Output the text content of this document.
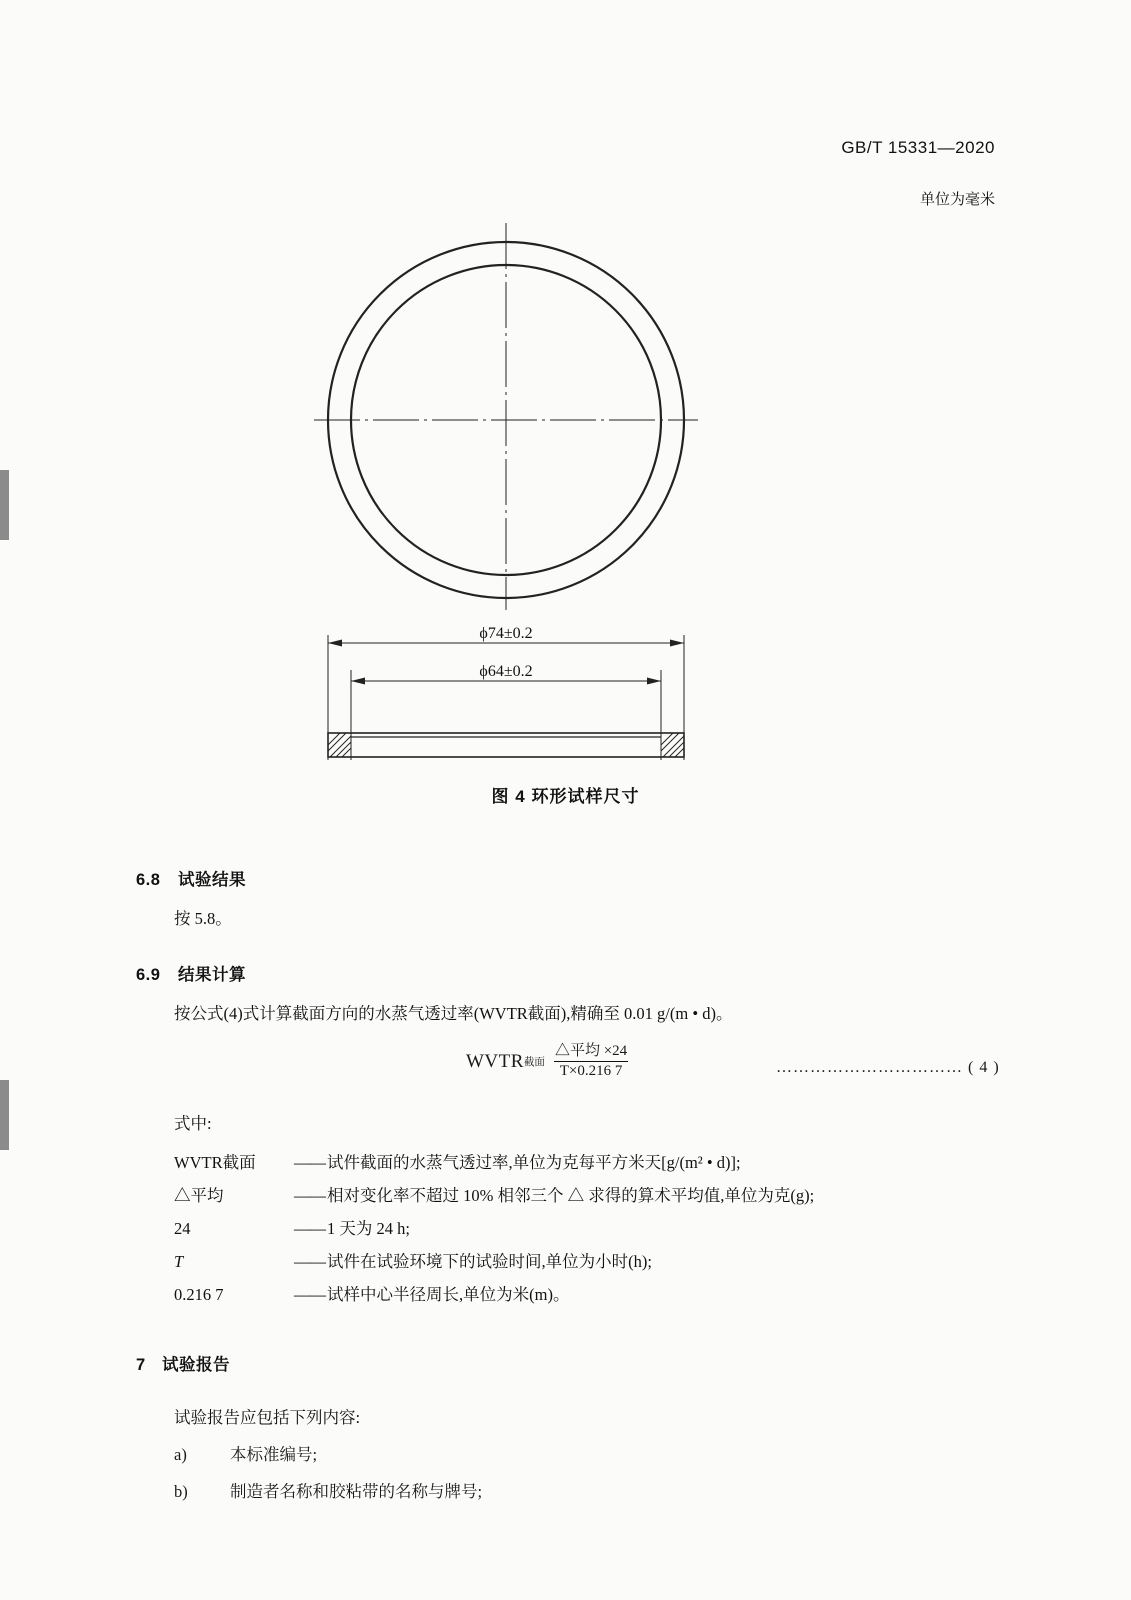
GB/T 15331—2020
单位为毫米
ϕ74±0.2
ϕ64±0.2
图 4 环形试样尺寸
6.8 试验结果
按 5.8。
6.9 结果计算
按公式(4)式计算截面方向的水蒸气透过率(WVTR截面),精确至 0.01 g/(m • d)。
WVTR 截面 $\frac{\text{△平均 ×24}}{T\times 0.216 7}$	…………………………… ( 4 )
式中:
WVTR截面	—— 试件截面的水蒸气透过率,单位为克每平方米天[g/(m² • d)];
△平均	—— 相对变化率不超过 10% 相邻三个 △ 求得的算术平均值,单位为克(g);
24	—— 1 天为 24 h;
T	—— 试件在试验环境下的试验时间,单位为小时(h);
0.216 7	—— 试样中心半径周长,单位为米(m)。
7 试验报告
试验报告应包括下列内容:
a)	本标准编号;
b)	制造者名称和胶粘带的名称与牌号;
